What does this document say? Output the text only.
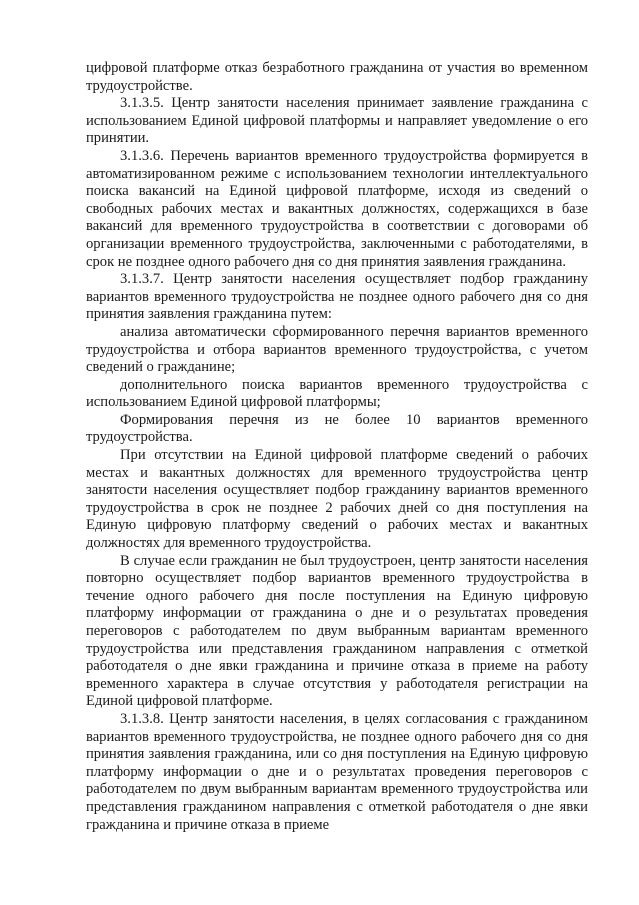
цифровой платформе отказ безработного гражданина от участия во временном трудоустройстве.

3.1.3.5. Центр занятости населения принимает заявление гражданина с использованием Единой цифровой платформы и направляет уведомление о его принятии.

3.1.3.6. Перечень вариантов временного трудоустройства формируется в автоматизированном режиме с использованием технологии интеллектуального поиска вакансий на Единой цифровой платформе, исходя из сведений о свободных рабочих местах и вакантных должностях, содержащихся в базе вакансий для временного трудоустройства в соответствии с договорами об организации временного трудоустройства, заключенными с работодателями, в срок не позднее одного рабочего дня со дня принятия заявления гражданина.

3.1.3.7. Центр занятости населения осуществляет подбор гражданину вариантов временного трудоустройства не позднее одного рабочего дня со дня принятия заявления гражданина путем:

анализа автоматически сформированного перечня вариантов временного трудоустройства и отбора вариантов временного трудоустройства, с учетом сведений о гражданине;

дополнительного поиска вариантов временного трудоустройства с использованием Единой цифровой платформы;

Формирования перечня из не более 10 вариантов временного трудоустройства.

При отсутствии на Единой цифровой платформе сведений о рабочих местах и вакантных должностях для временного трудоустройства центр занятости населения осуществляет подбор гражданину вариантов временного трудоустройства в срок не позднее 2 рабочих дней со дня поступления на Единую цифровую платформу сведений о рабочих местах и вакантных должностях для временного трудоустройства.

В случае если гражданин не был трудоустроен, центр занятости населения повторно осуществляет подбор вариантов временного трудоустройства в течение одного рабочего дня после поступления на Единую цифровую платформу информации от гражданина о дне и о результатах проведения переговоров с работодателем по двум выбранным вариантам временного трудоустройства или представления гражданином направления с отметкой работодателя о дне явки гражданина и причине отказа в приеме на работу временного характера в случае отсутствия у работодателя регистрации на Единой цифровой платформе.

3.1.3.8. Центр занятости населения, в целях согласования с гражданином вариантов временного трудоустройства, не позднее одного рабочего дня со дня принятия заявления гражданина, или со дня поступления на Единую цифровую платформу информации о дне и о результатах проведения переговоров с работодателем по двум выбранным вариантам временного трудоустройства или представления гражданином направления с отметкой работодателя о дне явки гражданина и причине отказа в приеме
